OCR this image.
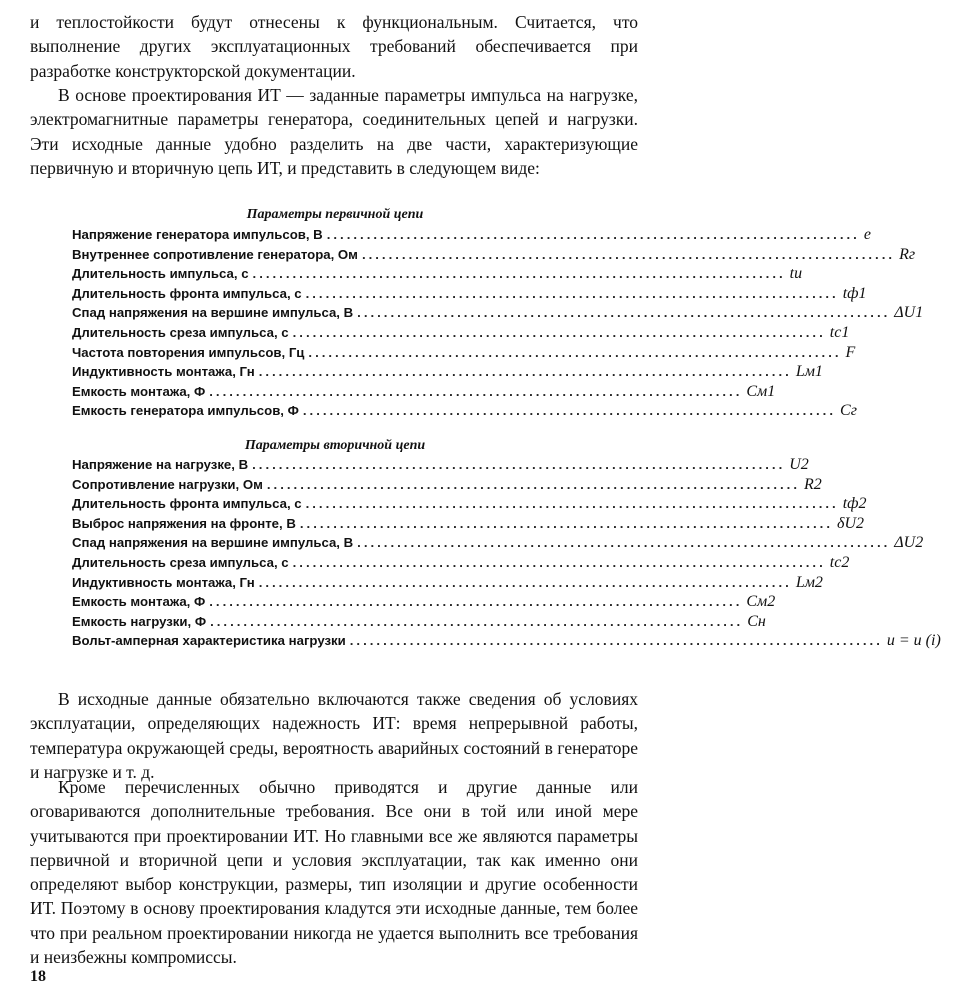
и теплостойкости будут отнесены к функциональным. Считается, что выполнение других эксплуатационных требований обеспечивается при разработке конструкторской документации.

В основе проектирования ИТ — заданные параметры импульса на нагрузке, электромагнитные параметры генератора, соединительных цепей и нагрузки. Эти исходные данные удобно разделить на две части, характеризующие первичную и вторичную цепь ИТ, и представить в следующем виде:

Параметры первичной цепи
Напряжение генератора импульсов, В ................................................................................ e
Внутреннее сопротивление генератора, Ом ................................................................................ Rг
Длительность импульса, с ................................................................................ tи
Длительность фронта импульса, с ................................................................................ tф1
Спад напряжения на вершине импульса, В ................................................................................ ΔU1
Длительность среза импульса, с ................................................................................ tс1
Частота повторения импульсов, Гц ................................................................................ F
Индуктивность монтажа, Гн ................................................................................ Lм1
Емкость монтажа, Ф ................................................................................ Cм1
Емкость генератора импульсов, Ф ................................................................................ Cг
Параметры вторичной цепи
Напряжение на нагрузке, В ................................................................................ U2
Сопротивление нагрузки, Ом ................................................................................ R2
Длительность фронта импульса, с ................................................................................ tф2
Выброс напряжения на фронте, В ................................................................................ δU2
Спад напряжения на вершине импульса, В ................................................................................ ΔU2
Длительность среза импульса, с ................................................................................ tс2
Индуктивность монтажа, Гн ................................................................................ Lм2
Емкость монтажа, Ф ................................................................................ Cм2
Емкость нагрузки, Ф ................................................................................ Cн
Вольт-амперная характеристика нагрузки ................................................................................ u = u (i)

В исходные данные обязательно включаются также сведения об условиях эксплуатации, определяющих надежность ИТ: время непрерывной работы, температура окружающей среды, вероятность аварийных состояний в генераторе и нагрузке и т. д.

Кроме перечисленных обычно приводятся и другие данные или оговариваются дополнительные требования. Все они в той или иной мере учитываются при проектировании ИТ. Но главными все же являются параметры первичной и вторичной цепи и условия эксплуатации, так как именно они определяют выбор конструкции, размеры, тип изоляции и другие особенности ИТ. Поэтому в основу проектирования кладутся эти исходные данные, тем более что при реальном проектировании никогда не удается выполнить все требования и неизбежны компромиссы.

18
